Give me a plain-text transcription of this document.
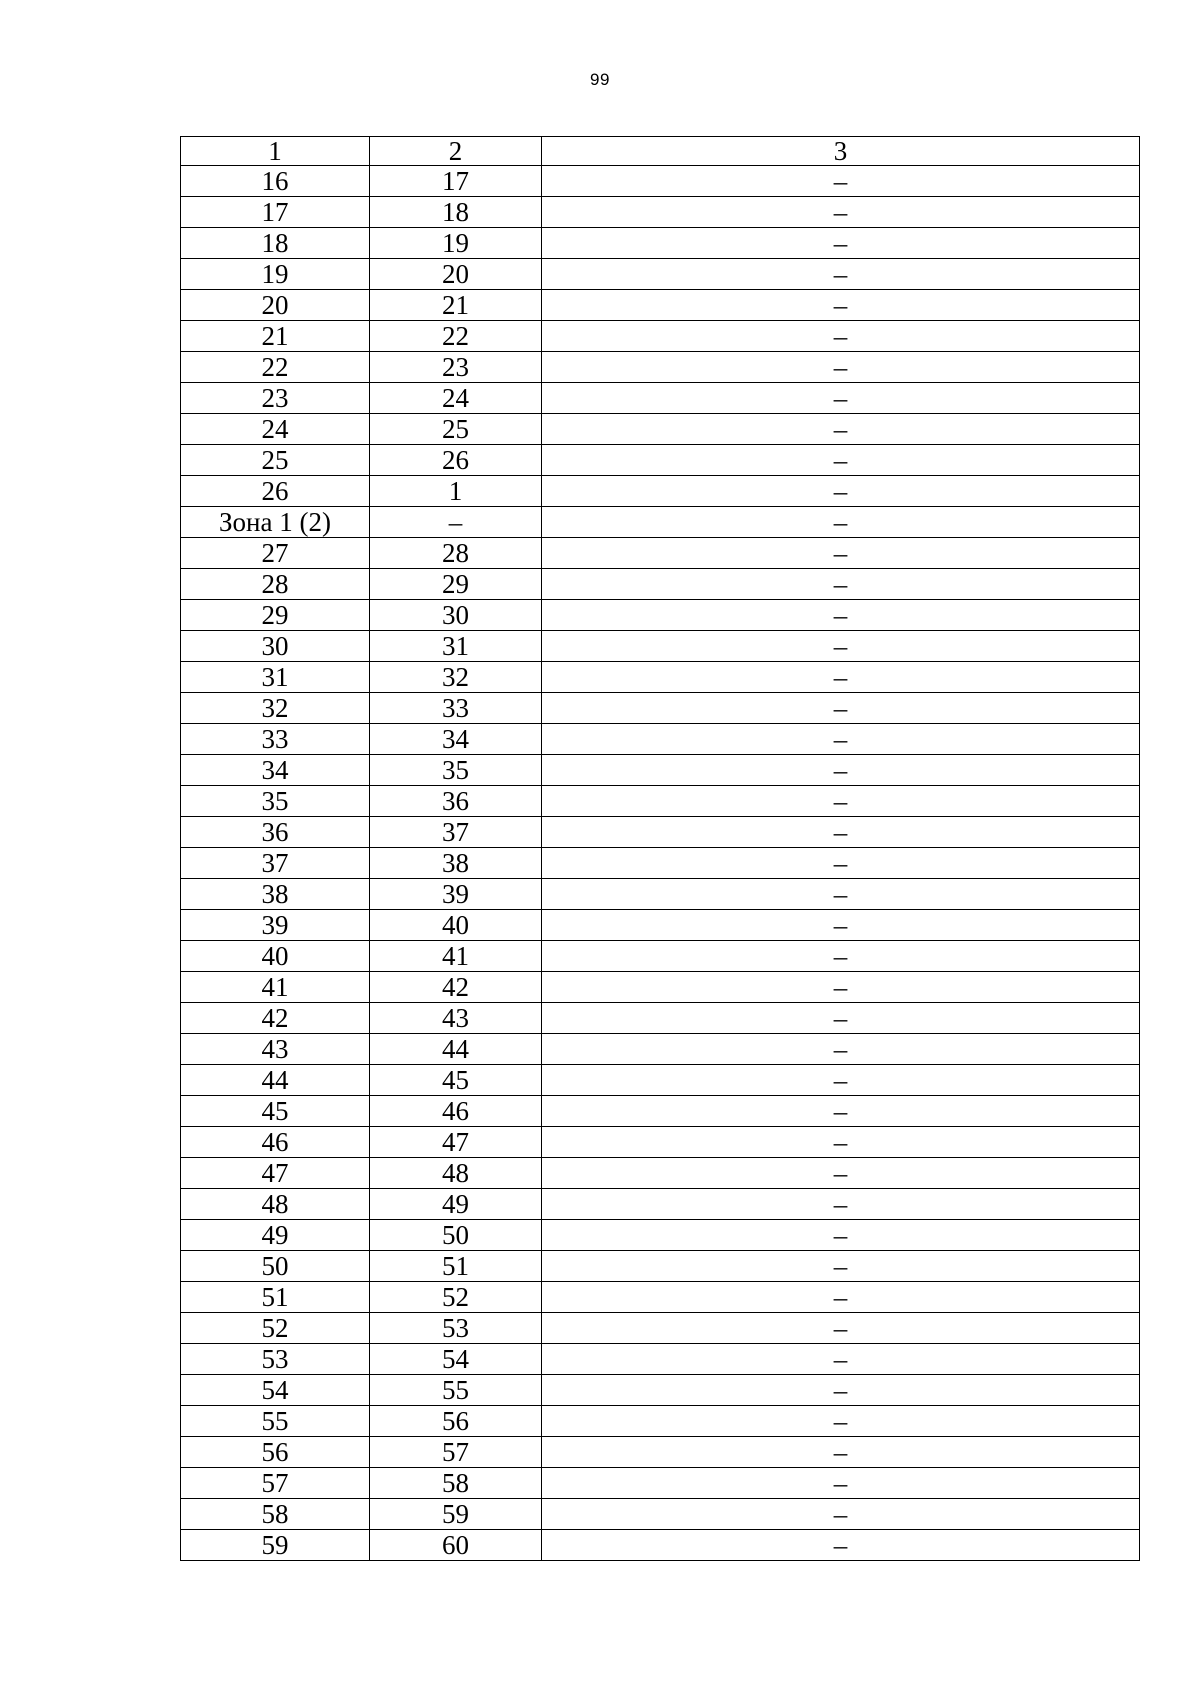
99
1	2	3
16	17	–
17	18	–
18	19	–
19	20	–
20	21	–
21	22	–
22	23	–
23	24	–
24	25	–
25	26	–
26	1	–
Зона 1 (2)	–	–
27	28	–
28	29	–
29	30	–
30	31	–
31	32	–
32	33	–
33	34	–
34	35	–
35	36	–
36	37	–
37	38	–
38	39	–
39	40	–
40	41	–
41	42	–
42	43	–
43	44	–
44	45	–
45	46	–
46	47	–
47	48	–
48	49	–
49	50	–
50	51	–
51	52	–
52	53	–
53	54	–
54	55	–
55	56	–
56	57	–
57	58	–
58	59	–
59	60	–
